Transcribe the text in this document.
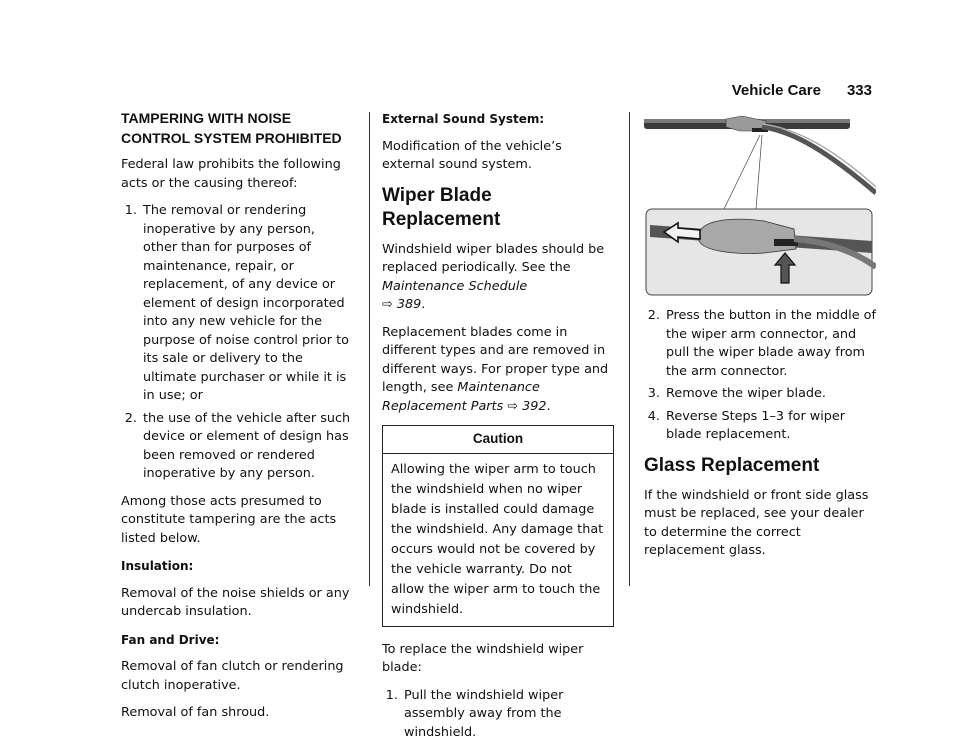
Vehicle Care 333
TAMPERING WITH NOISE CONTROL SYSTEM PROHIBITED

Federal law prohibits the following acts or the causing thereof:

1. The removal or rendering inoperative by any person, other than for purposes of maintenance, repair, or replacement, of any device or element of design incorporated into any new vehicle for the purpose of noise control prior to its sale or delivery to the ultimate purchaser or while it is in use; or
2. the use of the vehicle after such device or element of design has been removed or rendered inoperative by any person.

Among those acts presumed to constitute tampering are the acts listed below.

Insulation:

Removal of the noise shields or any undercab insulation.

Fan and Drive:

Removal of fan clutch or rendering clutch inoperative.

Removal of fan shroud.

External Sound System:

Modification of the vehicle’s external sound system.

Wiper Blade Replacement

Windshield wiper blades should be replaced periodically. See the Maintenance Schedule
⇨ 389.

Replacement blades come in different types and are removed in different ways. For proper type and length, see Maintenance Replacement Parts ⇨ 392.

Caution
Allowing the wiper arm to touch the windshield when no wiper blade is installed could damage the windshield. Any damage that occurs would not be covered by the vehicle warranty. Do not allow the wiper arm to touch the windshield.

To replace the windshield wiper blade:

1. Pull the windshield wiper assembly away from the windshield.
2. Press the button in the middle of the wiper arm connector, and pull the wiper blade away from the arm connector.
3. Remove the wiper blade.
4. Reverse Steps 1–3 for wiper blade replacement.
Glass Replacement

If the windshield or front side glass must be replaced, see your dealer to determine the correct replacement glass.
